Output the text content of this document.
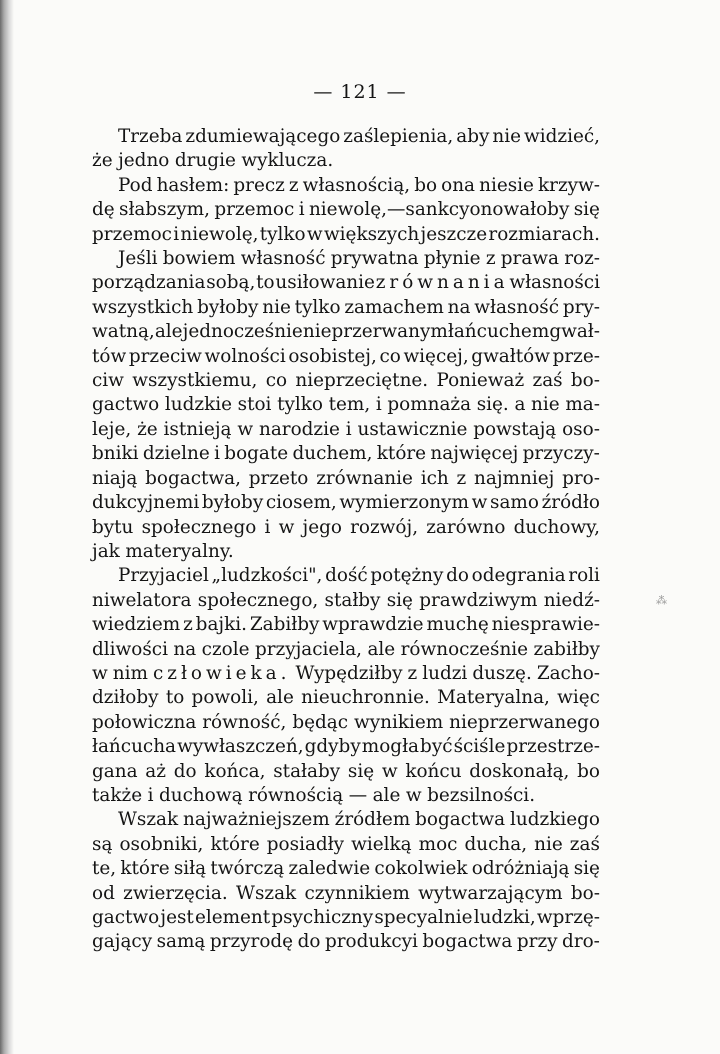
— 121 —
Trzeba zdumiewającego zaślepienia, aby nie widzieć,
że jedno drugie wyklucza.
Pod hasłem: precz z własnością, bo ona niesie krzyw-
dę słabszym, przemoc i niewolę,—sankcyonowałoby się
przemoc i niewolę, tylko w większych jeszcze rozmiarach.
Jeśli bowiem własność prywatna płynie z prawa roz-
porządzania sobą, to usiłowanie zrównania własności
wszystkich byłoby nie tylko zamachem na własność pry-
watną, ale jednocześnie nieprzerwanym łańcuchem gwał-
tów przeciw wolności osobistej, co więcej, gwałtów prze-
ciw wszystkiemu, co nieprzeciętne. Ponieważ zaś bo-
gactwo ludzkie stoi tylko tem, i pomnaża się. a nie ma-
leje, że istnieją w narodzie i ustawicznie powstają oso-
bniki dzielne i bogate duchem, które najwięcej przyczy-
niają bogactwa, przeto zrównanie ich z najmniej pro-
dukcyjnemi byłoby ciosem, wymierzonym w samo źródło
bytu społecznego i w jego rozwój, zarówno duchowy,
jak materyalny.
Przyjaciel „ludzkości", dość potężny do odegrania roli
niwelatora społecznego, stałby się prawdziwym niedź-
wiedziem z bajki. Zabiłby wprawdzie muchę niesprawie-
dliwości na czole przyjaciela, ale równocześnie zabiłby
w nim człowieka. Wypędziłby z ludzi duszę. Zacho-
dziłoby to powoli, ale nieuchronnie. Materyalna, więc
połowiczna równość, będąc wynikiem nieprzerwanego
łańcucha wywłaszczeń, gdyby mogła być ściśle przestrze-
gana aż do końca, stałaby się w końcu doskonałą, bo
także i duchową równością — ale w bezsilności.
Wszak najważniejszem źródłem bogactwa ludzkiego
są osobniki, które posiadły wielką moc ducha, nie zaś
te, które siłą twórczą zaledwie cokolwiek odróżniają się
od zwierzęcia. Wszak czynnikiem wytwarzającym bo-
gactwo jest element psychiczny specyalnie ludzki, wprzę-
gający samą przyrodę do produkcyi bogactwa przy dro-
⁂
